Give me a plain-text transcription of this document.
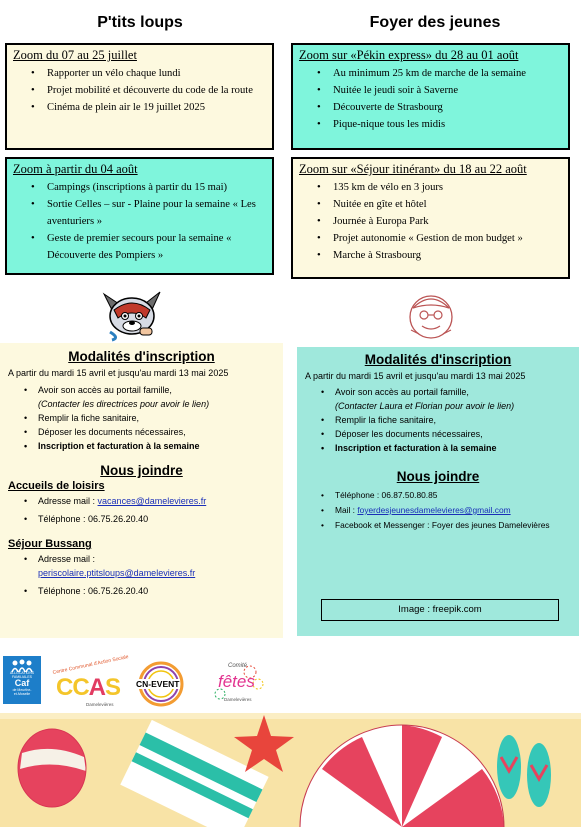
P'tits loups	Foyer des jeunes
Zoom du 07 au 25 juillet
• Rapporter un vélo chaque lundi
• Projet mobilité et découverte du code de la route
• Cinéma de plein air le 19 juillet 2025
Zoom à partir du 04 août
• Campings (inscriptions à partir du 15 mai)
• Sortie Celles – sur - Plaine pour la semaine « Les aventuriers »
• Geste de premier secours pour la semaine « Découverte des Pompiers »
Zoom sur «Pékin express» du 28 au 01 août
• Au minimum 25 km de marche de la semaine
• Nuitée le jeudi soir à Saverne
• Découverte de Strasbourg
• Pique-nique tous les midis
Zoom sur «Séjour itinérant» du 18 au 22 août
• 135 km de vélo en 3 jours
• Nuitée en gîte et hôtel
• Journée à Europa Park
• Projet autonomie « Gestion de mon budget »
• Marche à Strasbourg
Modalités d'inscription

A partir du mardi 15 avril et jusqu'au mardi 13 mai 2025

• Avoir son accès au portail famille,
(Contacter les directrices pour avoir le lien)
• Remplir la fiche sanitaire,
• Déposer les documents nécessaires,
• Inscription et facturation à la semaine
Nous joindre

Accueils de loisirs

• Adresse mail : vacances@damelevieres.fr
• Téléphone : 06.75.26.20.40

Séjour Bussang

• Adresse mail :
periscolaire.ptitsloups@damelevieres.fr
• Téléphone : 06.75.26.20.40
Modalités d'inscription

A partir du mardi 15 avril et jusqu'au mardi 13 mai 2025

• Avoir son accès au portail famille,
(Contacter Laura et Florian pour avoir le lien)
• Remplir la fiche sanitaire,
• Déposer les documents nécessaires,
• Inscription et facturation à la semaine
Nous joindre
• Téléphone : 06.87.50.80.85
• Mail : foyerdesjeunesdamelevieres@gmail.com
• Facebook et Messenger : Foyer des jeunes Damelevières
Image : freepik.com
ALLOCATIONS
FAMILIALES
Caf
de Meurthe-
et-Moselle
Centre Communal d'Action Sociale
CCAS
Damelevières
CN-EVENT
Comité
fêtes
Damelevières
